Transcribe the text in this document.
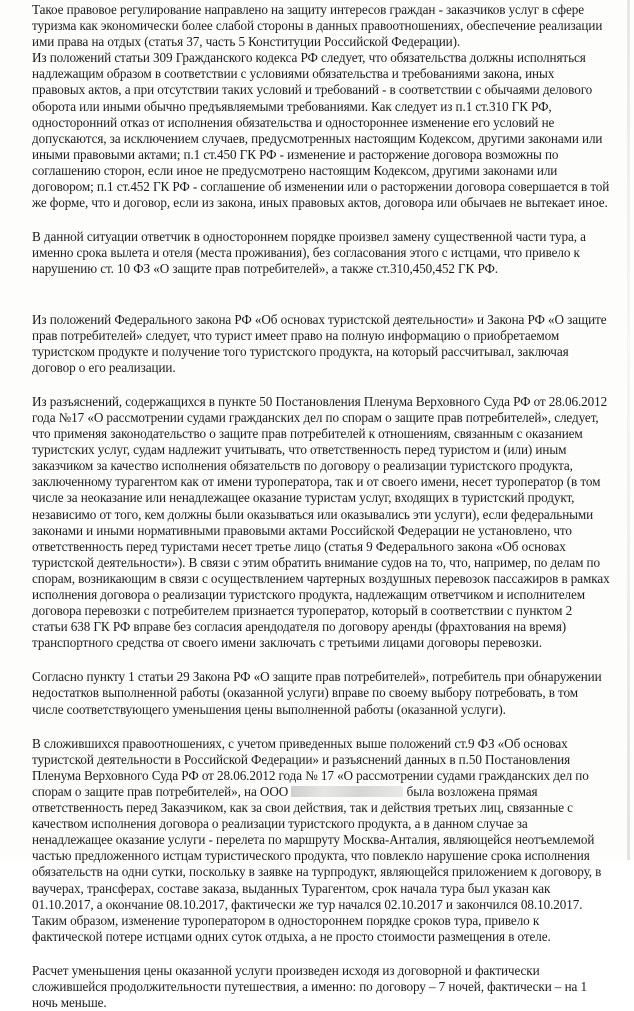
Такое правовое регулирование направлено на защиту интересов граждан - заказчиков услуг в сфере туризма как экономически более слабой стороны в данных правоотношениях, обеспечение реализации ими права на отдых (статья 37, часть 5 Конституции Российской Федерации).

Из положений статьи 309 Гражданского кодекса РФ следует, что обязательства должны исполняться надлежащим образом в соответствии с условиями обязательства и требованиями закона, иных правовых актов, а при отсутствии таких условий и требований - в соответствии с обычаями делового оборота или иными обычно предъявляемыми требованиями. Как следует из п.1 ст.310 ГК РФ, односторонний отказ от исполнения обязательства и одностороннее изменение его условий не допускаются, за исключением случаев, предусмотренных настоящим Кодексом, другими законами или иными правовыми актами; п.1 ст.450 ГК РФ - изменение и расторжение договора возможны по соглашению сторон, если иное не предусмотрено настоящим Кодексом, другими законами или договором; п.1 ст.452 ГК РФ - соглашение об изменении или о расторжении договора совершается в той же форме, что и договор, если из закона, иных правовых актов, договора или обычаев не вытекает иное.

В данной ситуации ответчик в одностороннем порядке произвел замену существенной части тура, а именно срока вылета и отеля (места проживания), без согласования этого с истцами, что привело к нарушению ст. 10 ФЗ «О защите прав потребителей», а также ст.310,450,452 ГК РФ.

Из положений Федерального закона РФ «Об основах туристской деятельности» и Закона РФ «О защите прав потребителей» следует, что турист имеет право на полную информацию о приобретаемом туристском продукте и получение того туристского продукта, на который рассчитывал, заключая договор о его реализации.

Из разъяснений, содержащихся в пункте 50 Постановления Пленума Верховного Суда РФ от 28.06.2012 года №17 «О рассмотрении судами гражданских дел по спорам о защите прав потребителей», следует, что применяя законодательство о защите прав потребителей к отношениям, связанным с оказанием туристских услуг, судам надлежит учитывать, что ответственность перед туристом и (или) иным заказчиком за качество исполнения обязательств по договору о реализации туристского продукта, заключенному турагентом как от имени туроператора, так и от своего имени, несет туроператор (в том числе за неоказание или ненадлежащее оказание туристам услуг, входящих в туристский продукт, независимо от того, кем должны были оказываться или оказывались эти услуги), если федеральными законами и иными нормативными правовыми актами Российской Федерации не установлено, что ответственность перед туристами несет третье лицо (статья 9 Федерального закона «Об основах туристской деятельности»). В связи с этим обратить внимание судов на то, что, например, по делам по спорам, возникающим в связи с осуществлением чартерных воздушных перевозок пассажиров в рамках исполнения договора о реализации туристского продукта, надлежащим ответчиком и исполнителем договора перевозки с потребителем признается туроператор, который в соответствии с пунктом 2 статьи 638 ГК РФ вправе без согласия арендодателя по договору аренды (фрахтования на время) транспортного средства от своего имени заключать с третьими лицами договоры перевозки.

Согласно пункту 1 статьи 29 Закона РФ «О защите прав потребителей», потребитель при обнаружении недостатков выполненной работы (оказанной услуги) вправе по своему выбору потребовать, в том числе соответствующего уменьшения цены выполненной работы (оказанной услуги).

В сложившихся правоотношениях, с учетом приведенных выше положений ст.9 ФЗ «Об основах туристской деятельности в Российской Федерации» и разъяснений данных в п.50 Постановления Пленума Верховного Суда РФ от 28.06.2012 года № 17 «О рассмотрении судами гражданских дел по спорам о защите прав потребителей», на ООО	была возложена прямая ответственность перед Заказчиком, как за свои действия, так и действия третьих лиц, связанные с качеством исполнения договора о реализации туристского продукта, а в данном случае за ненадлежащее оказание услуги - перелета по маршруту Москва-Анталия, являющейся неотъемлемой частью предложенного истцам туристического продукта, что повлекло нарушение срока исполнения обязательств на одни сутки, поскольку в заявке на турпродукт, являющейся приложением к договору, в ваучерах, трансферах, составе заказа, выданных Турагентом, срок начала тура был указан как 01.10.2017, а окончание 08.10.2017, фактически же тур начался 02.10.2017 и закончился 08.10.2017. Таким образом, изменение туроператором в одностороннем порядке сроков тура, привело к фактической потере истцами одних суток отдыха, а не просто стоимости размещения в отеле.

Расчет уменьшения цены оказанной услуги произведен исходя из договорной и фактически сложившейся продолжительности путешествия, а именно: по договору – 7 ночей, фактически – на 1 ночь меньше.
